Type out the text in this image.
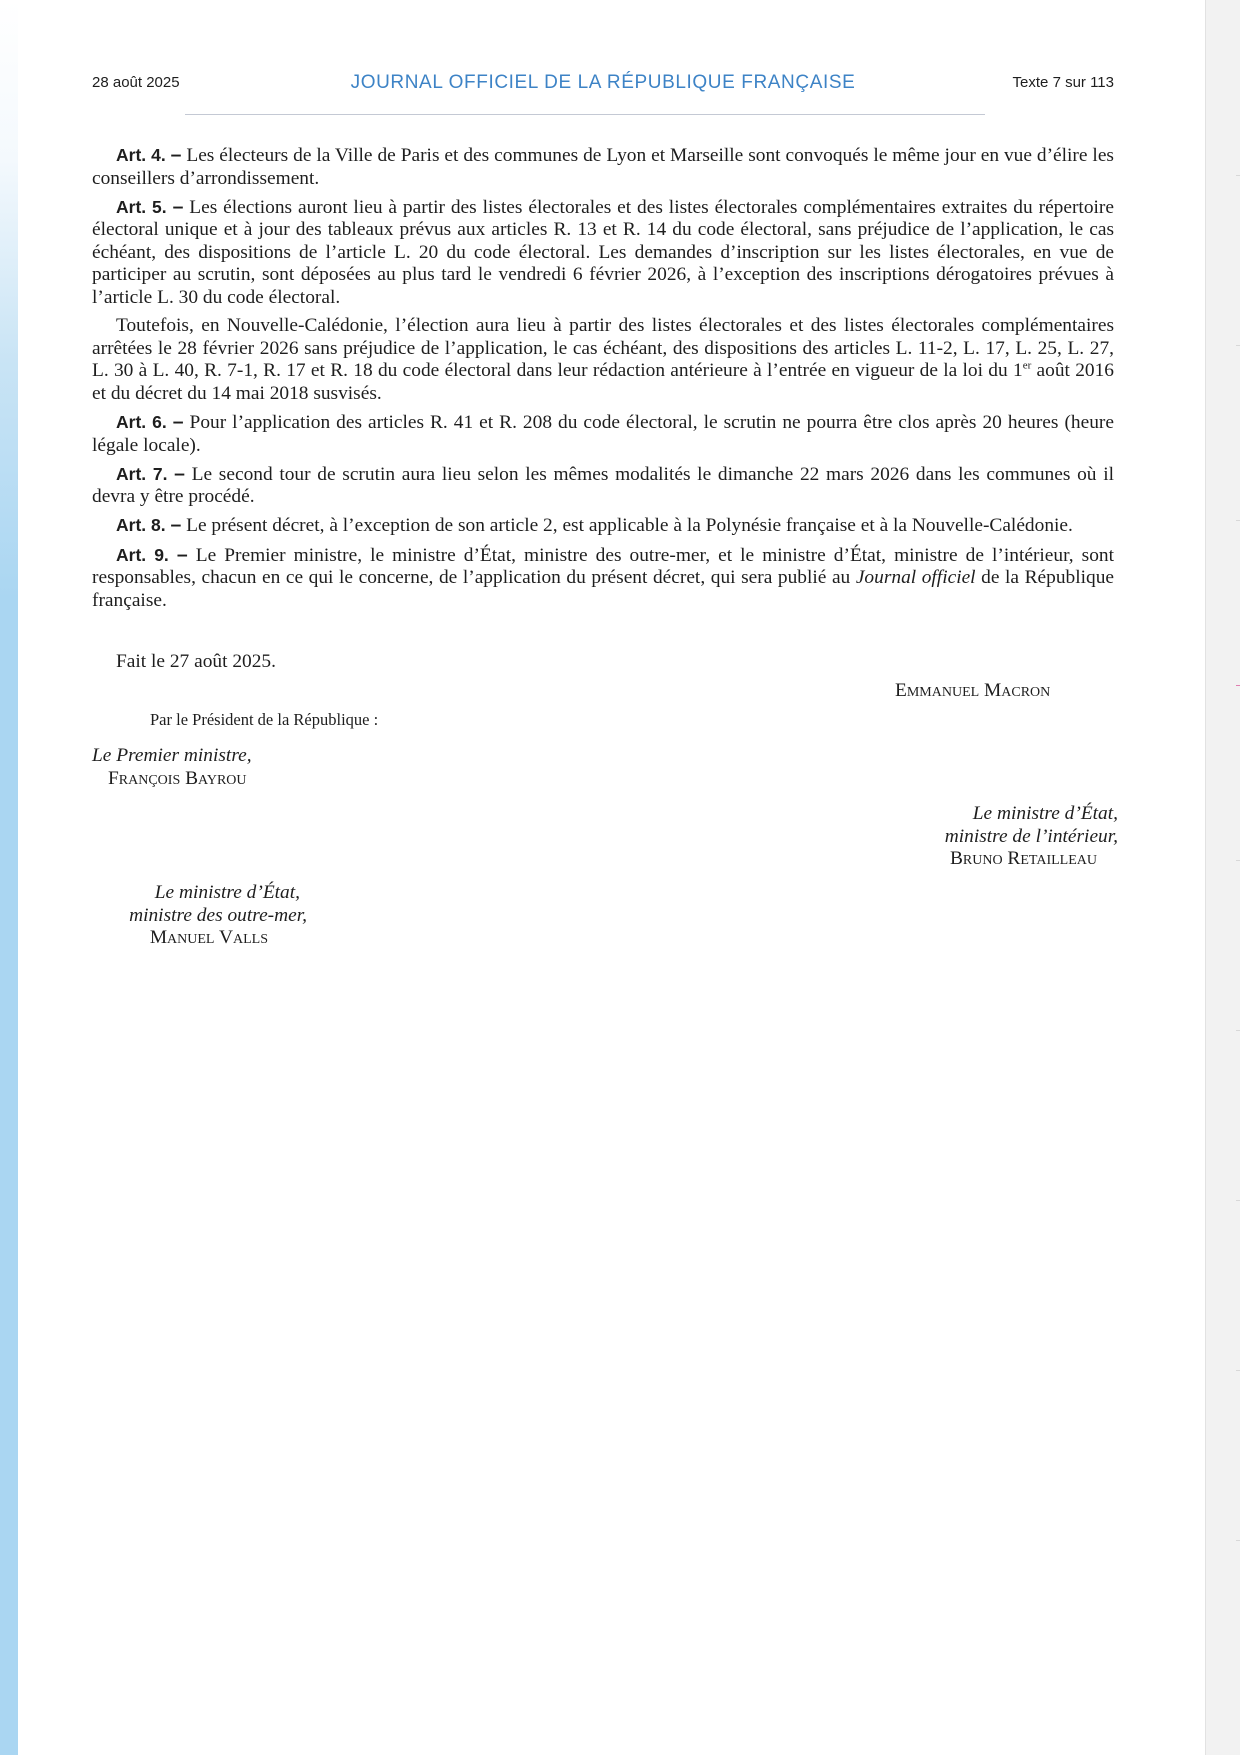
28 août 2025	JOURNAL OFFICIEL DE LA RÉPUBLIQUE FRANÇAISE	Texte 7 sur 113

Art. 4. – Les électeurs de la Ville de Paris et des communes de Lyon et Marseille sont convoqués le même jour en vue d’élire les conseillers d’arrondissement.

Art. 5. – Les élections auront lieu à partir des listes électorales et des listes électorales complémentaires extraites du répertoire électoral unique et à jour des tableaux prévus aux articles R. 13 et R. 14 du code électoral, sans préjudice de l’application, le cas échéant, des dispositions de l’article L. 20 du code électoral. Les demandes d’inscription sur les listes électorales, en vue de participer au scrutin, sont déposées au plus tard le vendredi 6 février 2026, à l’exception des inscriptions dérogatoires prévues à l’article L. 30 du code électoral.

Toutefois, en Nouvelle-Calédonie, l’élection aura lieu à partir des listes électorales et des listes électorales complémentaires arrêtées le 28 février 2026 sans préjudice de l’application, le cas échéant, des dispositions des articles L. 11-2, L. 17, L. 25, L. 27, L. 30 à L. 40, R. 7-1, R. 17 et R. 18 du code électoral dans leur rédaction antérieure à l’entrée en vigueur de la loi du 1er août 2016 et du décret du 14 mai 2018 susvisés.

Art. 6. – Pour l’application des articles R. 41 et R. 208 du code électoral, le scrutin ne pourra être clos après 20 heures (heure légale locale).

Art. 7. – Le second tour de scrutin aura lieu selon les mêmes modalités le dimanche 22 mars 2026 dans les communes où il devra y être procédé.

Art. 8. – Le présent décret, à l’exception de son article 2, est applicable à la Polynésie française et à la Nouvelle-Calédonie.

Art. 9. – Le Premier ministre, le ministre d’État, ministre des outre-mer, et le ministre d’État, ministre de l’intérieur, sont responsables, chacun en ce qui le concerne, de l’application du présent décret, qui sera publié au Journal officiel de la République française.

Fait le 27 août 2025.
Emmanuel Macron
Par le Président de la République :
Le Premier ministre,
François Bayrou
Le ministre d’État,
ministre de l’intérieur,
Bruno Retailleau
Le ministre d’État,
ministre des outre-mer,
Manuel Valls
